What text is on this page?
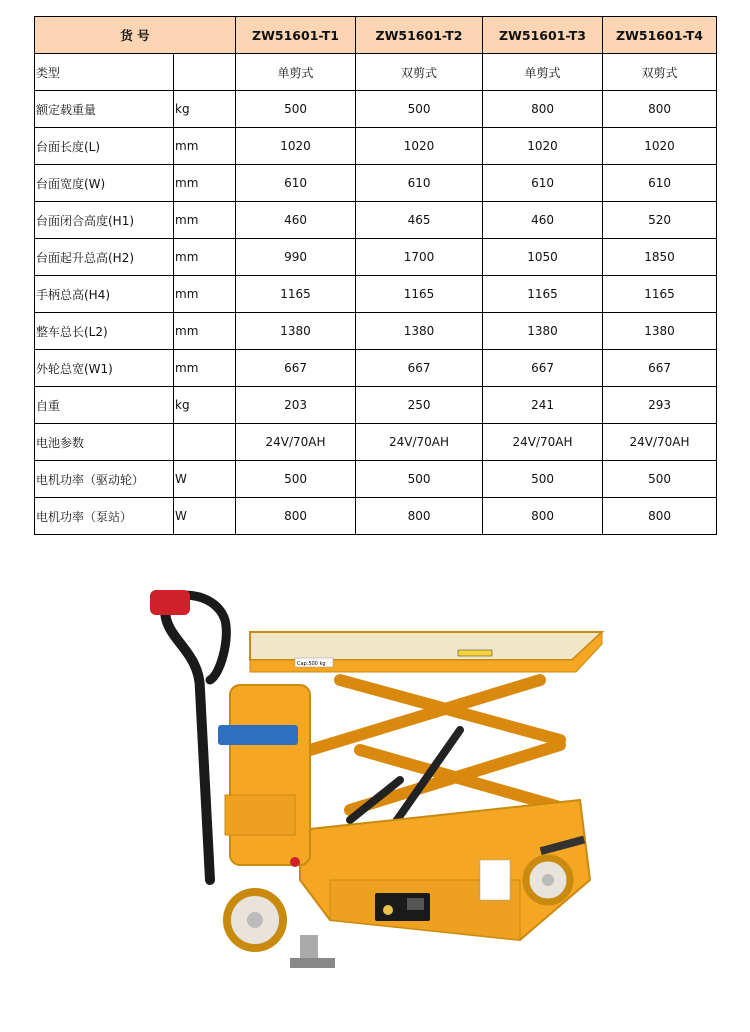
货 号		ZW51601-T1	ZW51601-T2	ZW51601-T3	ZW51601-T4
类型		单剪式	双剪式	单剪式	双剪式
额定载重量	kg	500	500	800	800
台面长度(L)	mm	1020	1020	1020	1020
台面宽度(W)	mm	610	610	610	610
台面闭合高度(H1)	mm	460	465	460	520
台面起升总高(H2)	mm	990	1700	1050	1850
手柄总高(H4)	mm	1165	1165	1165	1165
整车总长(L2)	mm	1380	1380	1380	1380
外轮总宽(W1)	mm	667	667	667	667
自重	kg	203	250	241	293
电池参数		24V/70AH	24V/70AH	24V/70AH	24V/70AH
电机功率（驱动轮）	W	500	500	500	500
电机功率（泵站）	W	800	800	800	800
Cap.500 kg
